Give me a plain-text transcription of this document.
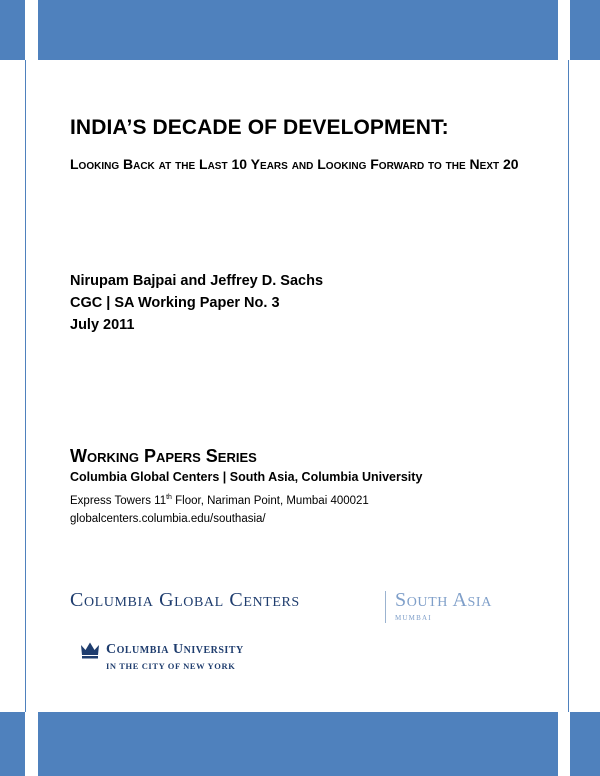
INDIA’S DECADE OF DEVELOPMENT:
Looking Back at the Last 10 Years and Looking Forward to the Next 20
Nirupam Bajpai and Jeffrey D. Sachs
CGC | SA Working Paper No. 3
July 2011
Working Papers Series
Columbia Global Centers | South Asia, Columbia University
Express Towers 11th Floor, Nariman Point, Mumbai 400021
globalcenters.columbia.edu/southasia/
Columbia Global Centers	South Asia
MUMBAI
Columbia University
IN THE CITY OF NEW YORK
